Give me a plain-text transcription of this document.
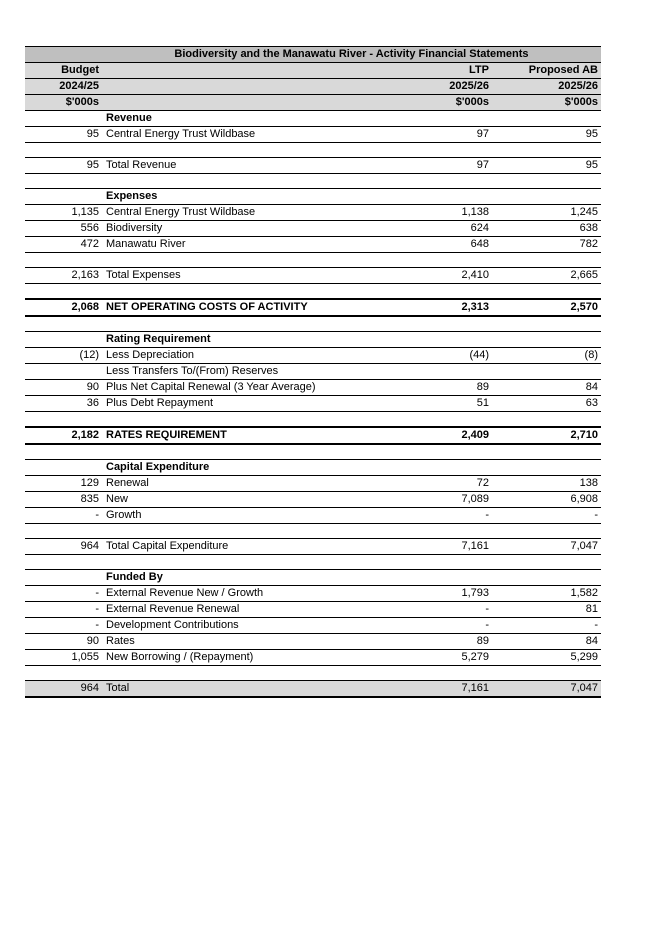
	Biodiversity and the Manawatu River - Activity Financial Statements		
Budget		LTP	Proposed AB
2024/25		2025/26	2025/26
$'000s		$'000s	$'000s
	Revenue		
95	Central Energy Trust Wildbase	97	95

95	Total Revenue	97	95

	Expenses		
1,135	Central Energy Trust Wildbase	1,138	1,245
556	Biodiversity	624	638
472	Manawatu River	648	782

2,163	Total Expenses	2,410	2,665

2,068	NET OPERATING COSTS OF ACTIVITY	2,313	2,570

	Rating Requirement		
(12)	Less Depreciation	(44)	(8)
	Less Transfers To/(From) Reserves		
90	Plus Net Capital Renewal (3 Year Average)	89	84
36	Plus Debt Repayment	51	63

2,182	RATES REQUIREMENT	2,409	2,710

	Capital Expenditure		
129	Renewal	72	138
835	New	7,089	6,908
-	Growth	-	-

964	Total Capital Expenditure	7,161	7,047

	Funded By		
-	External Revenue New / Growth	1,793	1,582
-	External Revenue Renewal	-	81
-	Development Contributions	-	-
90	Rates	89	84
1,055	New Borrowing / (Repayment)	5,279	5,299

964	Total	7,161	7,047
